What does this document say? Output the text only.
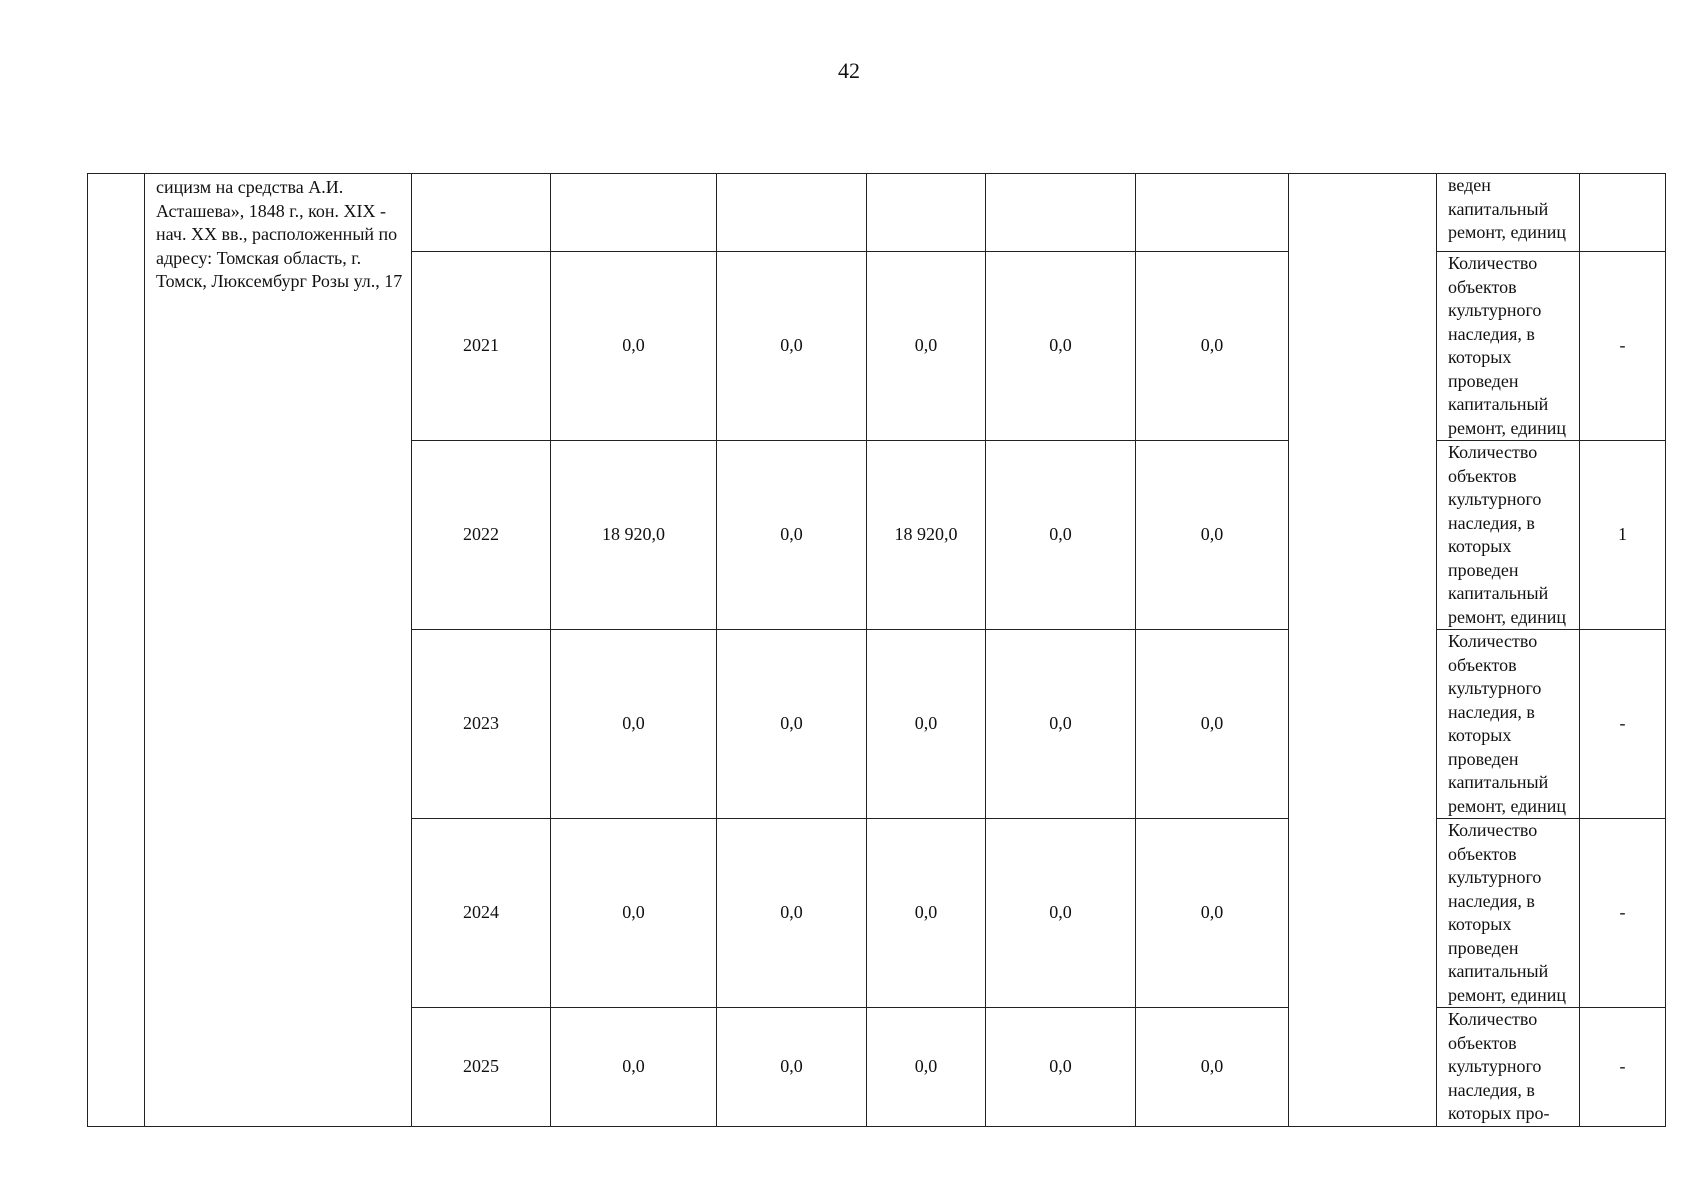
42
	сицизм на средства А.И. Асташева», 1848 г., кон. XIX - нач. XX вв., расположенный по адресу: Томская область, г. Томск, Люксембург Розы ул., 17								веден капитальный ремонт, единиц	
		2021	0,0	0,0	0,0	0,0	0,0		Количество объектов культурного наследия, в которых проведен капитальный ремонт, единиц	-
		2022	18 920,0	0,0	18 920,0	0,0	0,0		Количество объектов культурного наследия, в которых проведен капитальный ремонт, единиц	1
		2023	0,0	0,0	0,0	0,0	0,0		Количество объектов культурного наследия, в которых проведен капитальный ремонт, единиц	-
		2024	0,0	0,0	0,0	0,0	0,0		Количество объектов культурного наследия, в которых проведен капитальный ремонт, единиц	-
		2025	0,0	0,0	0,0	0,0	0,0		Количество объектов культурного наследия, в которых про-	-
